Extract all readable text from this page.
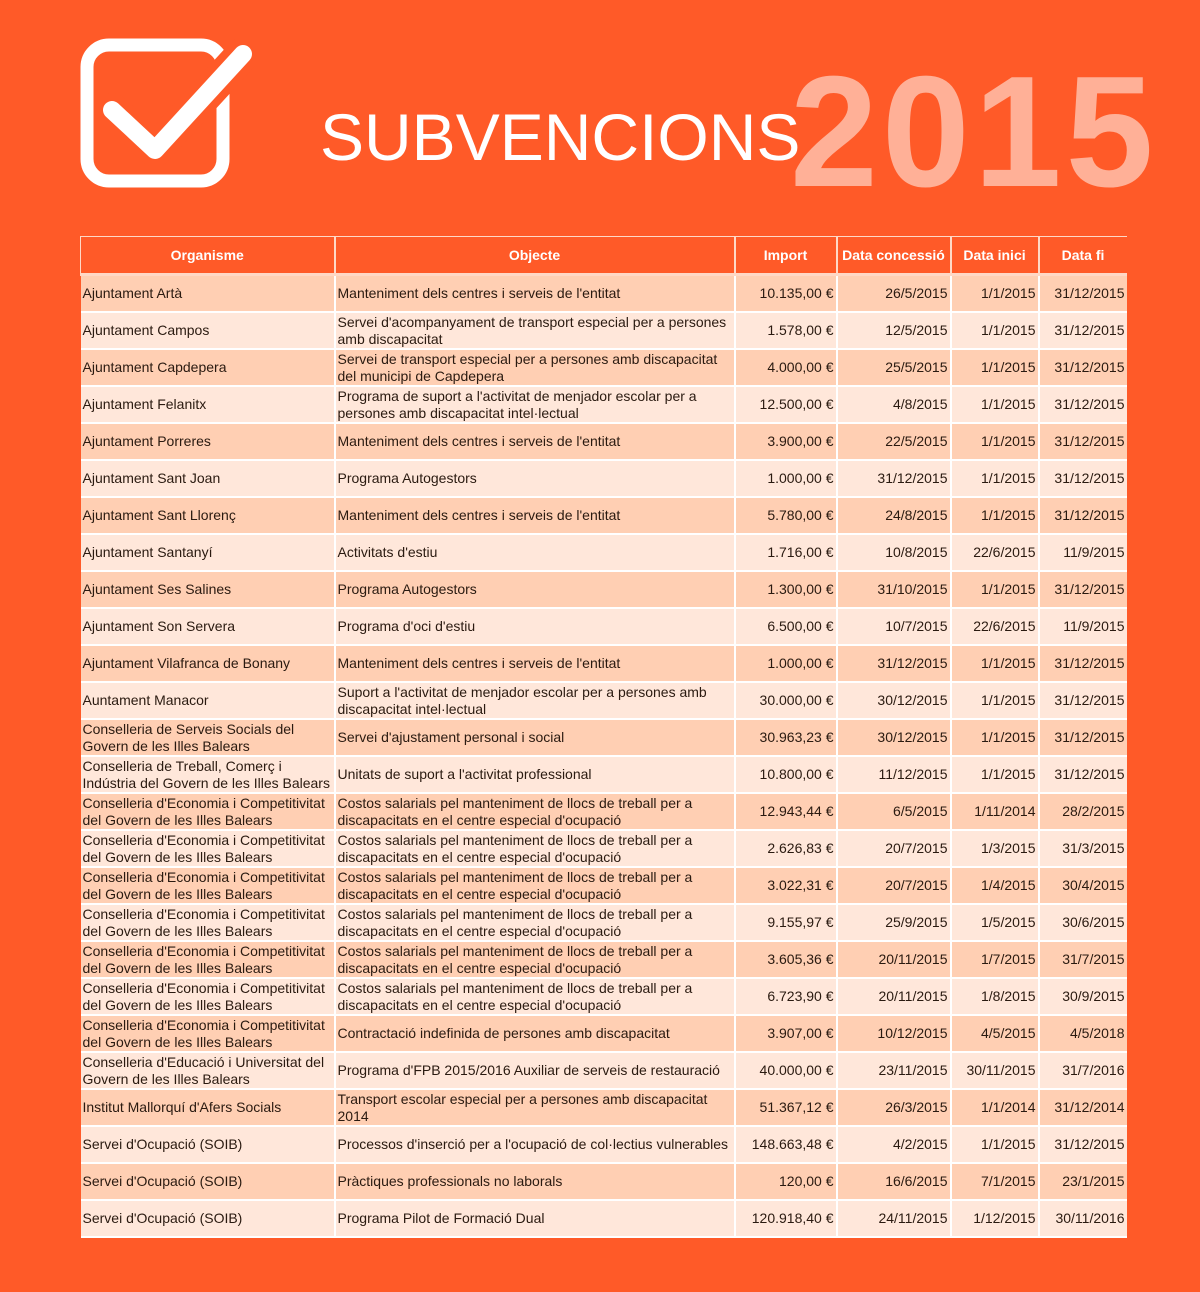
SUBVENCIONS
2015
Organisme	Objecte	Import	Data concessió	Data inici	Data fi
Ajuntament Artà	Manteniment dels centres i serveis de l'entitat	10.135,00 €	26/5/2015	1/1/2015	31/12/2015
Ajuntament Campos	Servei d'acompanyament de transport especial per a persones amb discapacitat	1.578,00 €	12/5/2015	1/1/2015	31/12/2015
Ajuntament Capdepera	Servei de transport especial per a persones amb discapacitat del municipi de Capdepera	4.000,00 €	25/5/2015	1/1/2015	31/12/2015
Ajuntament Felanitx	Programa de suport a l'activitat de menjador escolar per a persones amb discapacitat intel·lectual	12.500,00 €	4/8/2015	1/1/2015	31/12/2015
Ajuntament Porreres	Manteniment dels centres i serveis de l'entitat	3.900,00 €	22/5/2015	1/1/2015	31/12/2015
Ajuntament Sant Joan	Programa Autogestors	1.000,00 €	31/12/2015	1/1/2015	31/12/2015
Ajuntament Sant Llorenç	Manteniment dels centres i serveis de l'entitat	5.780,00 €	24/8/2015	1/1/2015	31/12/2015
Ajuntament Santanyí	Activitats d'estiu	1.716,00 €	10/8/2015	22/6/2015	11/9/2015
Ajuntament Ses Salines	Programa Autogestors	1.300,00 €	31/10/2015	1/1/2015	31/12/2015
Ajuntament Son Servera	Programa d'oci d'estiu	6.500,00 €	10/7/2015	22/6/2015	11/9/2015
Ajuntament Vilafranca de Bonany	Manteniment dels centres i serveis de l'entitat	1.000,00 €	31/12/2015	1/1/2015	31/12/2015
Auntament Manacor	Suport a l'activitat de menjador escolar per a persones amb discapacitat intel·lectual	30.000,00 €	30/12/2015	1/1/2015	31/12/2015
Conselleria de Serveis Socials del Govern de les Illes Balears	Servei d'ajustament personal i social	30.963,23 €	30/12/2015	1/1/2015	31/12/2015
Conselleria de Treball, Comerç i Indústria del Govern de les Illes Balears	Unitats de suport a l'activitat professional	10.800,00 €	11/12/2015	1/1/2015	31/12/2015
Conselleria d'Economia i Competitivitat del Govern de les Illes Balears	Costos salarials pel manteniment de llocs de treball per a discapacitats en el centre especial d'ocupació	12.943,44 €	6/5/2015	1/11/2014	28/2/2015
Conselleria d'Economia i Competitivitat del Govern de les Illes Balears	Costos salarials pel manteniment de llocs de treball per a discapacitats en el centre especial d'ocupació	2.626,83 €	20/7/2015	1/3/2015	31/3/2015
Conselleria d'Economia i Competitivitat del Govern de les Illes Balears	Costos salarials pel manteniment de llocs de treball per a discapacitats en el centre especial d'ocupació	3.022,31 €	20/7/2015	1/4/2015	30/4/2015
Conselleria d'Economia i Competitivitat del Govern de les Illes Balears	Costos salarials pel manteniment de llocs de treball per a discapacitats en el centre especial d'ocupació	9.155,97 €	25/9/2015	1/5/2015	30/6/2015
Conselleria d'Economia i Competitivitat del Govern de les Illes Balears	Costos salarials pel manteniment de llocs de treball per a discapacitats en el centre especial d'ocupació	3.605,36 €	20/11/2015	1/7/2015	31/7/2015
Conselleria d'Economia i Competitivitat del Govern de les Illes Balears	Costos salarials pel manteniment de llocs de treball per a discapacitats en el centre especial d'ocupació	6.723,90 €	20/11/2015	1/8/2015	30/9/2015
Conselleria d'Economia i Competitivitat del Govern de les Illes Balears	Contractació indefinida de persones amb discapacitat	3.907,00 €	10/12/2015	4/5/2015	4/5/2018
Conselleria d'Educació i Universitat del Govern de les Illes Balears	Programa d'FPB 2015/2016 Auxiliar de serveis de restauració	40.000,00 €	23/11/2015	30/11/2015	31/7/2016
Institut Mallorquí d'Afers Socials	Transport escolar especial per a persones amb discapacitat 2014	51.367,12 €	26/3/2015	1/1/2014	31/12/2014
Servei d'Ocupació (SOIB)	Processos d'inserció per a l'ocupació de col·lectius vulnerables	148.663,48 €	4/2/2015	1/1/2015	31/12/2015
Servei d'Ocupació (SOIB)	Pràctiques professionals no laborals	120,00 €	16/6/2015	7/1/2015	23/1/2015
Servei d'Ocupació (SOIB)	Programa Pilot de Formació Dual	120.918,40 €	24/11/2015	1/12/2015	30/11/2016
